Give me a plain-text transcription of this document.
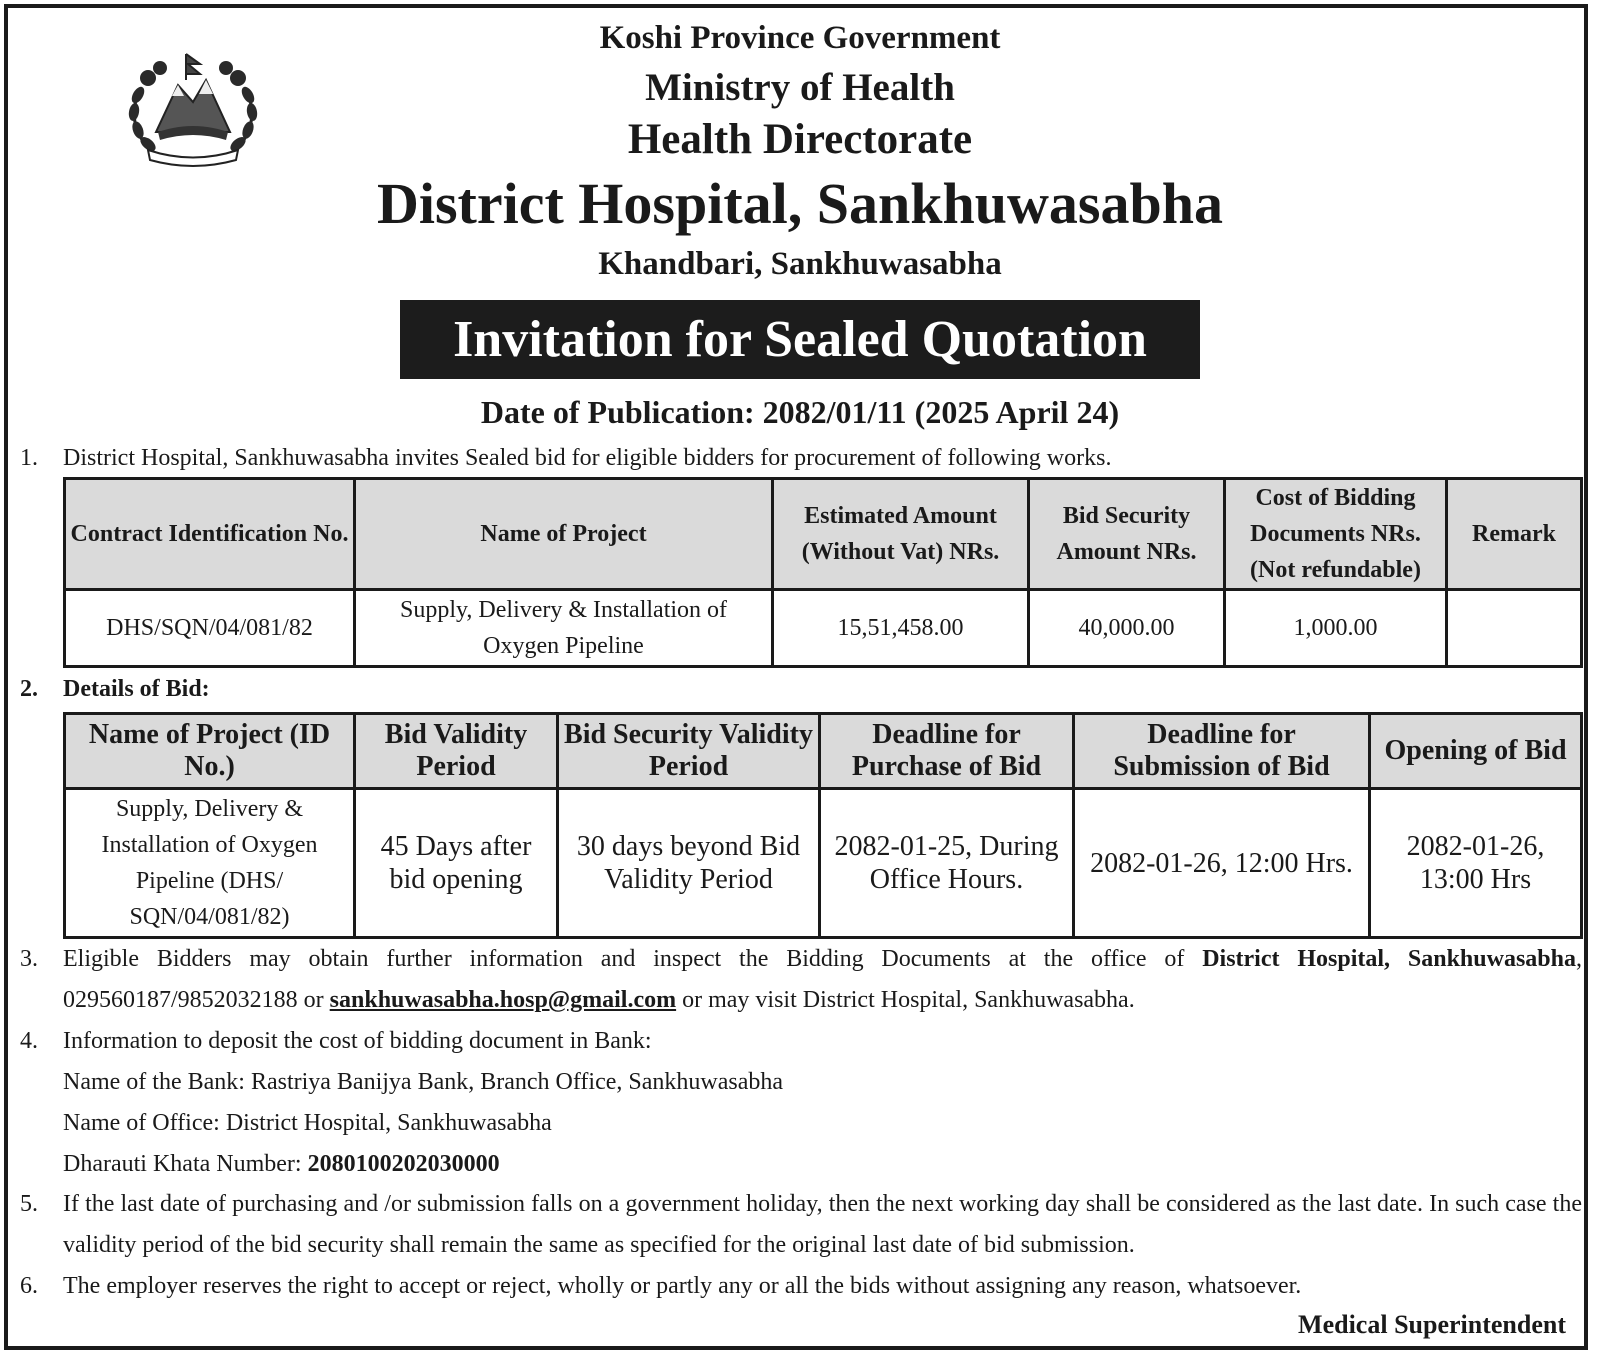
Koshi Province Government
Ministry of Health
Health Directorate
District Hospital, Sankhuwasabha
Khandbari, Sankhuwasabha
Invitation for Sealed Quotation
Date of Publication: 2082/01/11 (2025 April 24)
1.	District Hospital, Sankhuwasabha invites Sealed bid for eligible bidders for procurement of following works.
Contract Identification No.	Name of Project	Estimated Amount (Without Vat) NRs.	Bid Security Amount NRs.	Cost of Bidding Documents NRs. (Not refundable)	Remark
DHS/SQN/04/081/82	Supply, Delivery & Installation of Oxygen Pipeline	15,51,458.00	40,000.00	1,000.00	
2.	Details of Bid:
Name of Project (ID No.)	Bid Validity Period	Bid Security Validity Period	Deadline for Purchase of Bid	Deadline for Submission of Bid	Opening of Bid
Supply, Delivery & Installation of Oxygen Pipeline (DHS/ SQN/04/081/82)	45 Days after bid opening	30 days beyond Bid Validity Period	2082-01-25, During Office Hours.	2082-01-26, 12:00 Hrs.	2082-01-26, 13:00 Hrs
3.	Eligible Bidders may obtain further information and inspect the Bidding Documents at the office of District Hospital, Sankhuwasabha, 029560187/9852032188 or sankhuwasabha.hosp@gmail.com or may visit District Hospital, Sankhuwasabha.
4.	Information to deposit the cost of bidding document in Bank:
Name of the Bank: Rastriya Banijya Bank, Branch Office, Sankhuwasabha
Name of Office: District Hospital, Sankhuwasabha
Dharauti Khata Number: 2080100202030000
5.	If the last date of purchasing and /or submission falls on a government holiday, then the next working day shall be considered as the last date. In such case the validity period of the bid security shall remain the same as specified for the original last date of bid submission.
6.	The employer reserves the right to accept or reject, wholly or partly any or all the bids without assigning any reason, whatsoever.
Medical Superintendent
